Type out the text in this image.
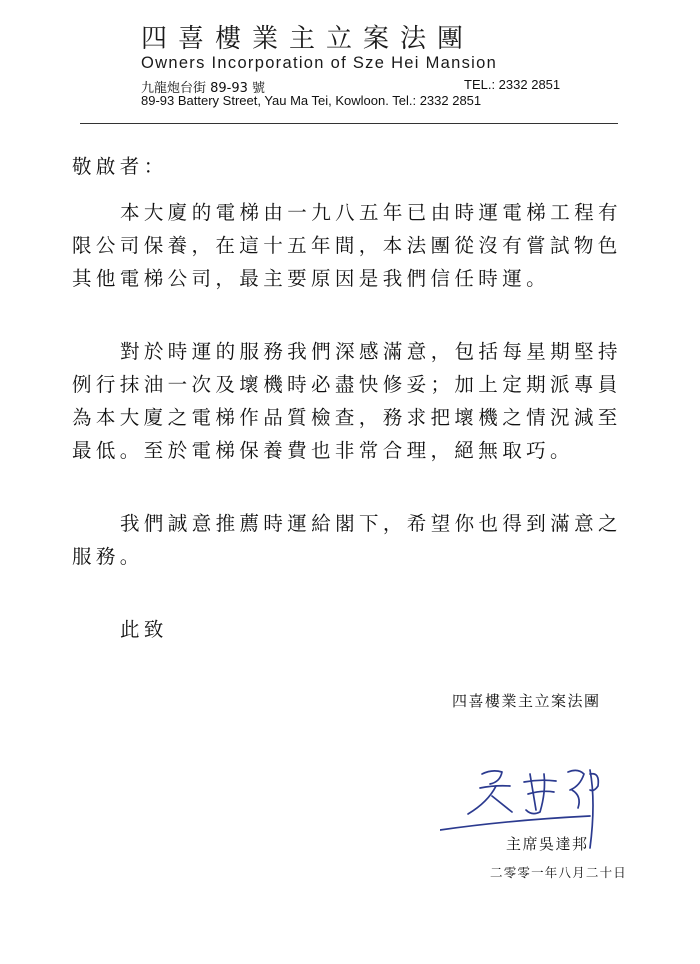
四喜樓業主立案法團
Owners Incorporation of Sze Hei Mansion
九龍炮台街 89-93 號	TEL.: 2332 2851
89-93 Battery Street, Yau Ma Tei, Kowloon. Tel.: 2332 2851
敬啟者：
本大廈的電梯由一九八五年已由時運電梯工程有限公司保養，在這十五年間，本法團從沒有嘗試物色其他電梯公司，最主要原因是我們信任時運。
對於時運的服務我們深感滿意，包括每星期堅持例行抹油一次及壞機時必盡快修妥；加上定期派專員為本大廈之電梯作品質檢查，務求把壞機之情況減至最低。至於電梯保養費也非常合理，絕無取巧。
我們誠意推薦時運給閣下，希望你也得到滿意之服務。
此致
四喜樓業主立案法團
主席吳達邦
二零零一年八月二十日
